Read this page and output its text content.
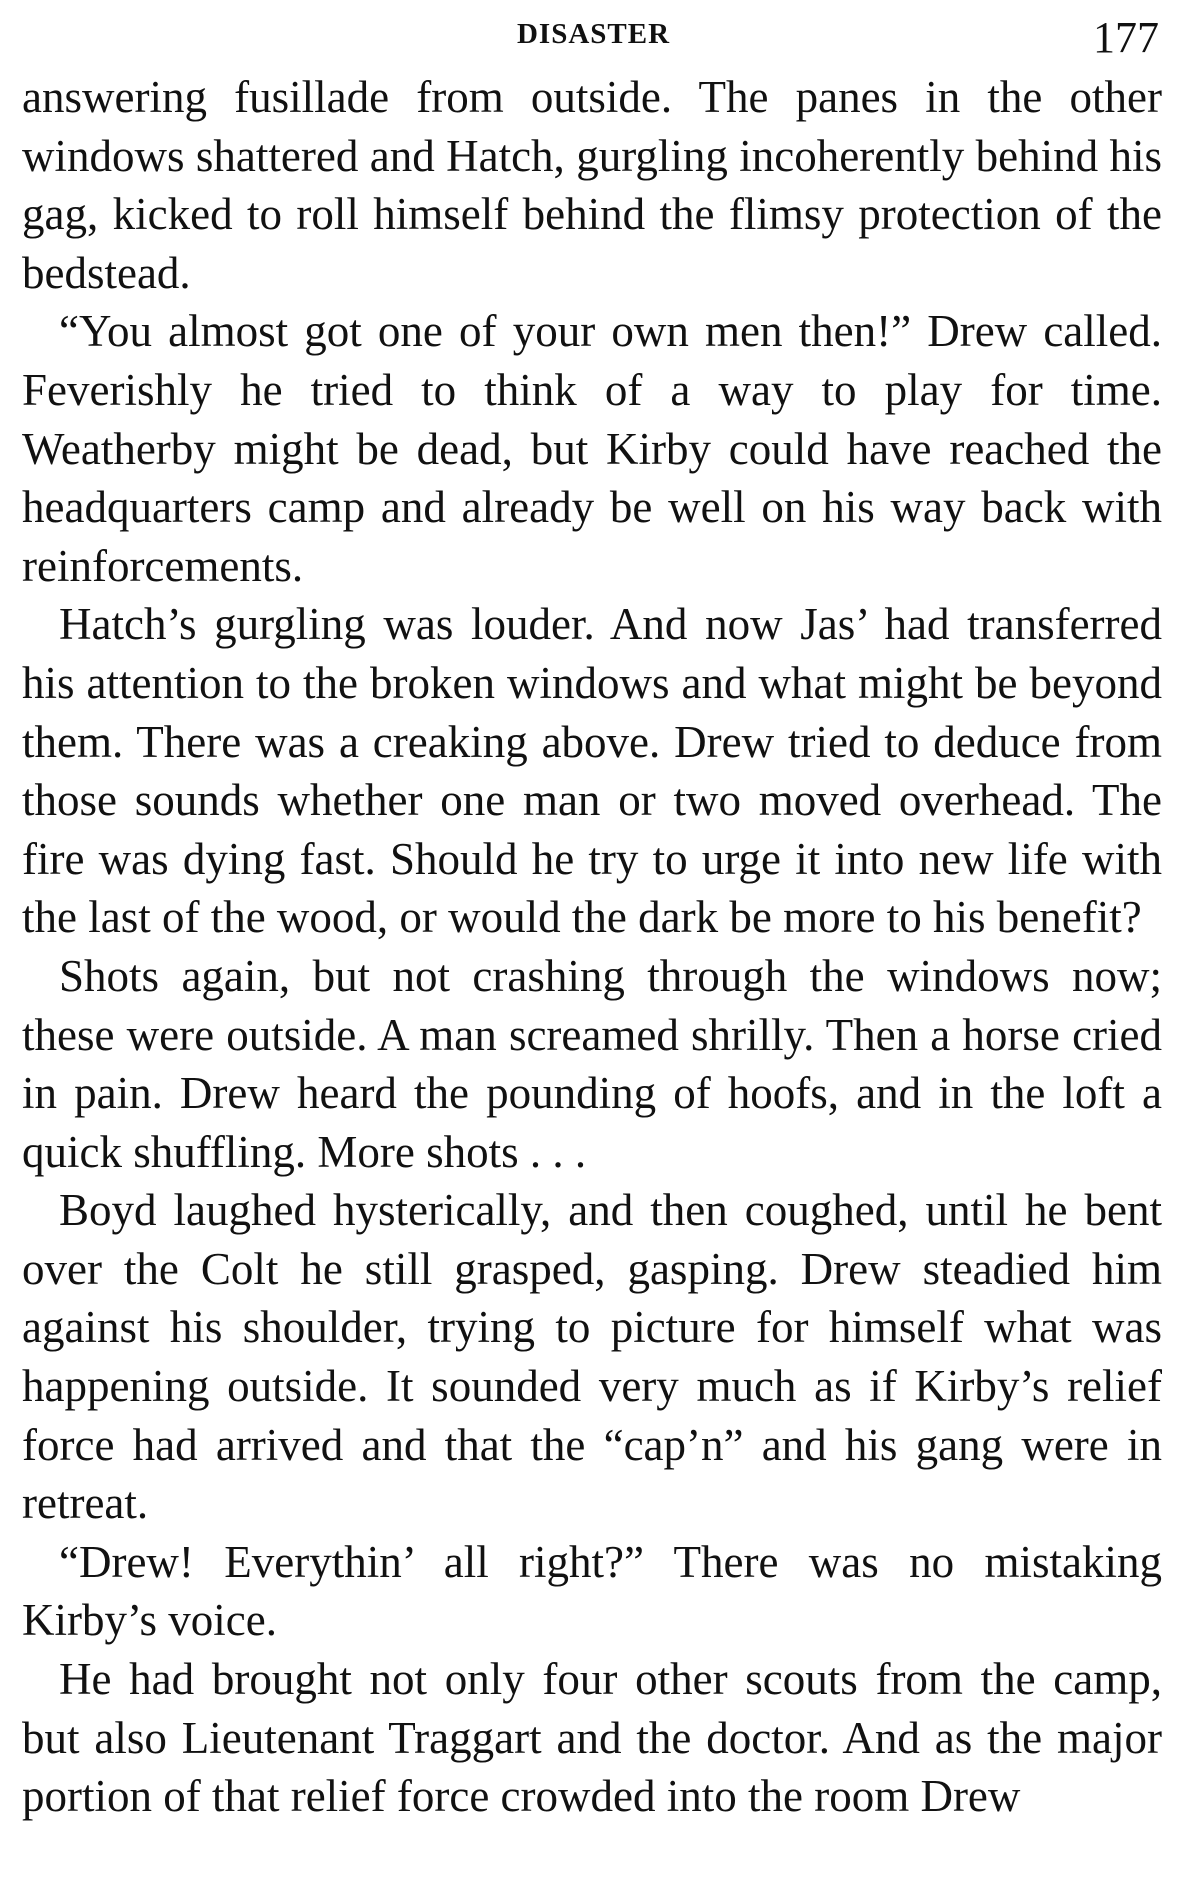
DISASTER	177

answering fusillade from outside. The panes in the other windows shattered and Hatch, gurgling incoherently behind his gag, kicked to roll himself behind the flimsy protection of the bedstead.

“You almost got one of your own men then!” Drew called. Feverishly he tried to think of a way to play for time. Weatherby might be dead, but Kirby could have reached the headquarters camp and already be well on his way back with reinforcements.

Hatch’s gurgling was louder. And now Jas’ had transferred his attention to the broken windows and what might be beyond them. There was a creaking above. Drew tried to deduce from those sounds whether one man or two moved overhead. The fire was dying fast. Should he try to urge it into new life with the last of the wood, or would the dark be more to his benefit?

Shots again, but not crashing through the windows now; these were outside. A man screamed shrilly. Then a horse cried in pain. Drew heard the pounding of hoofs, and in the loft a quick shuffling. More shots . . .

Boyd laughed hysterically, and then coughed, until he bent over the Colt he still grasped, gasping. Drew steadied him against his shoulder, trying to picture for himself what was happening outside. It sounded very much as if Kirby’s relief force had arrived and that the “cap’n” and his gang were in retreat.

“Drew! Everythin’ all right?” There was no mistaking Kirby’s voice.

He had brought not only four other scouts from the camp, but also Lieutenant Traggart and the doctor. And as the major portion of that relief force crowded into the room Drew
